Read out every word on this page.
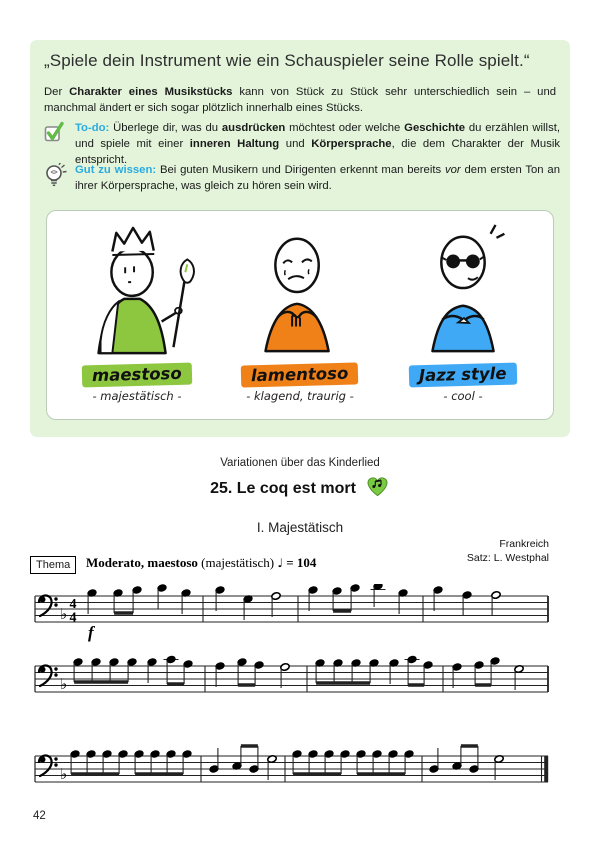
„Spiele dein Instrument wie ein Schauspieler seine Rolle spielt.“
Der Charakter eines Musikstücks kann von Stück zu Stück sehr unterschiedlich sein – und manchmal ändert er sich sogar plötzlich innerhalb eines Stücks.
To-do: Überlege dir, was du ausdrücken möchtest oder welche Geschichte du erzählen willst, und spiele mit einer inneren Haltung und Körpersprache, die dem Charakter der Musik entspricht.
Gut zu wissen: Bei guten Musikern und Dirigenten erkennt man bereits vor dem ersten Ton an ihrer Körpersprache, was gleich zu hören sein wird.
maestoso
- majestätisch -
lamentoso
- klagend, traurig -
Jazz style
- cool -
Variationen über das Kinderlied
25. Le coq est mort
I. Majestätisch
Frankreich
Satz: L. Westphal
Thema	Moderato, maestoso (majestätisch) ♩ = 104
♭
4
4
f
♭
♭
42
